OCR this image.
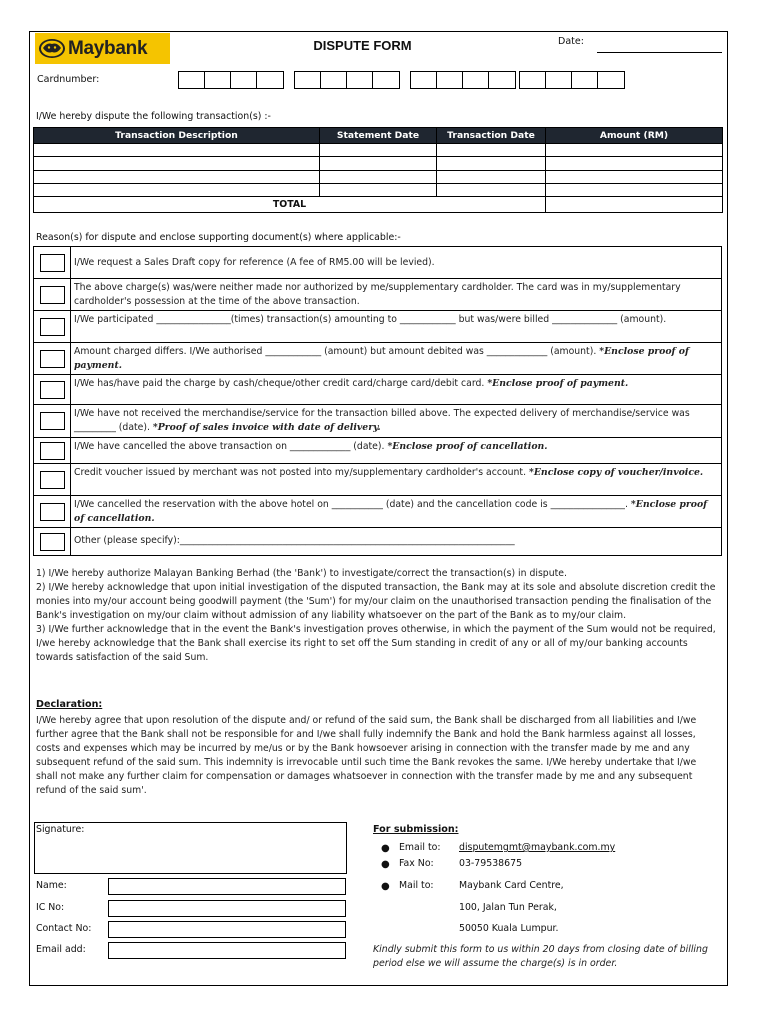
Maybank	DISPUTE FORM	Date:
Cardnumber:
I/We hereby dispute the following transaction(s) :-
Transaction Description	Statement Date	Transaction Date	Amount (RM)

TOTAL			
Reason(s) for dispute and enclose supporting document(s) where applicable:-
I/We request a Sales Draft copy for reference (A fee of RM5.00 will be levied).
The above charge(s) was/were neither made nor authorized by me/supplementary cardholder. The card was in my/supplementary cardholder's possession at the time of the above transaction.
I/We participated ________________(times) transaction(s) amounting to ____________ but was/were billed ______________ (amount).
Amount charged differs. I/We authorised ____________ (amount) but amount debited was _____________ (amount). *Enclose proof of payment.
I/We has/have paid the charge by cash/cheque/other credit card/charge card/debit card. *Enclose proof of payment.
I/We have not received the merchandise/service for the transaction billed above. The expected delivery of merchandise/service was _________ (date). *Proof of sales invoice with date of delivery.
I/We have cancelled the above transaction on _____________ (date). *Enclose proof of cancellation.
Credit voucher issued by merchant was not posted into my/supplementary cardholder's account. *Enclose copy of voucher/invoice.
I/We cancelled the reservation with the above hotel on ___________ (date) and the cancellation code is ________________. *Enclose proof of cancellation.
Other (please specify):________________________________________________________________________
1) I/We hereby authorize Malayan Banking Berhad (the 'Bank') to investigate/correct the transaction(s) in dispute.
2) I/We hereby acknowledge that upon initial investigation of the disputed transaction, the Bank may at its sole and absolute discretion credit the monies into my/our account being goodwill payment (the 'Sum') for my/our claim on the unauthorised transaction pending the finalisation of the Bank's investigation on my/our claim without admission of any liability whatsoever on the part of the Bank as to my/our claim.
3) I/We further acknowledge that in the event the Bank's investigation proves otherwise, in which the payment of the Sum would not be required, I/we hereby acknowledge that the Bank shall exercise its right to set off the Sum standing in credit of any or all of my/our banking accounts towards satisfaction of the said Sum.
Declaration:
I/We hereby agree that upon resolution of the dispute and/ or refund of the said sum, the Bank shall be discharged from all liabilities and I/we further agree that the Bank shall not be responsible for and I/we shall fully indemnify the Bank and hold the Bank harmless against all losses, costs and expenses which may be incurred by me/us or by the Bank howsoever arising in connection with the transfer made by me and any subsequent refund of the said sum. This indemnity is irrevocable until such time the Bank revokes the same. I/We hereby undertake that I/we shall not make any further claim for compensation or damages whatsoever in connection with the transfer made by me and any subsequent refund of the said sum'.
Signature:
Name:
IC No:
Contact No:
Email add:
For submission:
● Email to: disputemgmt@maybank.com.my
● Fax No:	03-79538675
● Mail to:	Maybank Card Centre,
100, Jalan Tun Perak,
50050 Kuala Lumpur.
Kindly submit this form to us within 20 days from closing date of billing period else we will assume the charge(s) is in order.
